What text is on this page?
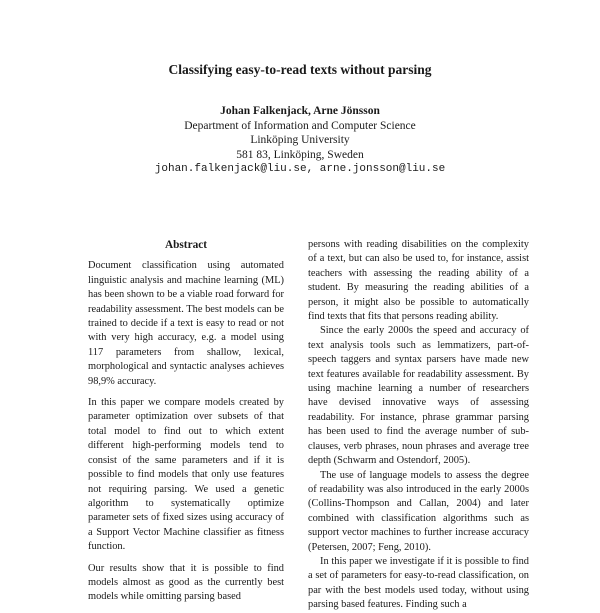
Classifying easy-to-read texts without parsing
Johan Falkenjack, Arne Jönsson
Department of Information and Computer Science
Linköping University
581 83, Linköping, Sweden
johan.falkenjack@liu.se, arne.jonsson@liu.se
Abstract

Document classification using automated linguistic analysis and machine learning (ML) has been shown to be a viable road forward for readability assessment. The best models can be trained to decide if a text is easy to read or not with very high accuracy, e.g. a model using 117 parameters from shallow, lexical, morphological and syntactic analyses achieves 98,9% accuracy.

In this paper we compare models created by parameter optimization over subsets of that total model to find out to which extent different high-performing models tend to consist of the same parameters and if it is possible to find models that only use features not requiring parsing. We used a genetic algorithm to systematically optimize parameter sets of fixed sizes using accuracy of a Support Vector Machine classifier as fitness function.

Our results show that it is possible to find models almost as good as the currently best models while omitting parsing based

persons with reading disabilities on the complexity of a text, but can also be used to, for instance, assist teachers with assessing the reading ability of a student. By measuring the reading abilities of a person, it might also be possible to automatically find texts that fits that persons reading ability.

Since the early 2000s the speed and accuracy of text analysis tools such as lemmatizers, part-of-speech taggers and syntax parsers have made new text features available for readability assessment. By using machine learning a number of researchers have devised innovative ways of assessing readability. For instance, phrase grammar parsing has been used to find the average number of sub-clauses, verb phrases, noun phrases and average tree depth (Schwarm and Ostendorf, 2005).

The use of language models to assess the degree of readability was also introduced in the early 2000s (Collins-Thompson and Callan, 2004) and later combined with classification algorithms such as support vector machines to further increase accuracy (Petersen, 2007; Feng, 2010).

In this paper we investigate if it is possible to find a set of parameters for easy-to-read classification, on par with the best models used today, without using parsing based features. Finding such a
